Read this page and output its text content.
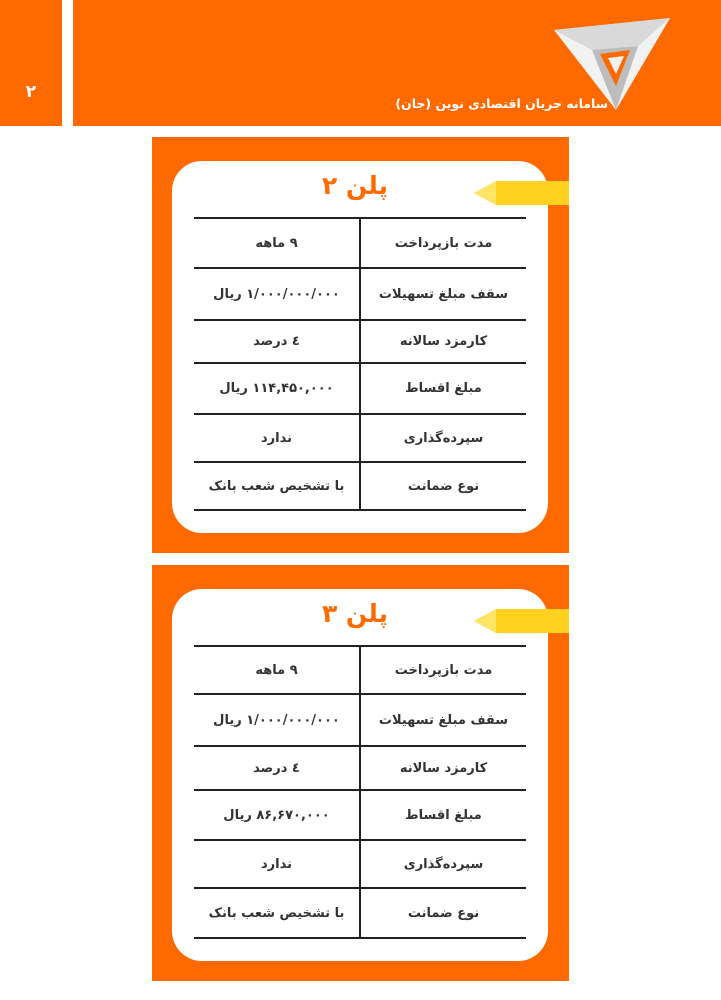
۲
سامانه جریان اقتصادی نوین (جان)
پلن ۲
۹ ماهه	مدت بازپرداخت
۱/۰۰۰/۰۰۰/۰۰۰ ریال	سقف مبلغ تسهیلات
٤ درصد	کارمزد سالانه
۱۱۴,۴۵۰,۰۰۰ ریال	مبلغ اقساط
ندارد	سپرده‌گذاری
با تشخیص شعب بانک	نوع ضمانت
پلن ۳
۹ ماهه	مدت بازپرداخت
۱/۰۰۰/۰۰۰/۰۰۰ ریال	سقف مبلغ تسهیلات
٤ درصد	کارمزد سالانه
۸۶,۶۷۰,۰۰۰ ریال	مبلغ اقساط
ندارد	سپرده‌گذاری
با تشخیص شعب بانک	نوع ضمانت
